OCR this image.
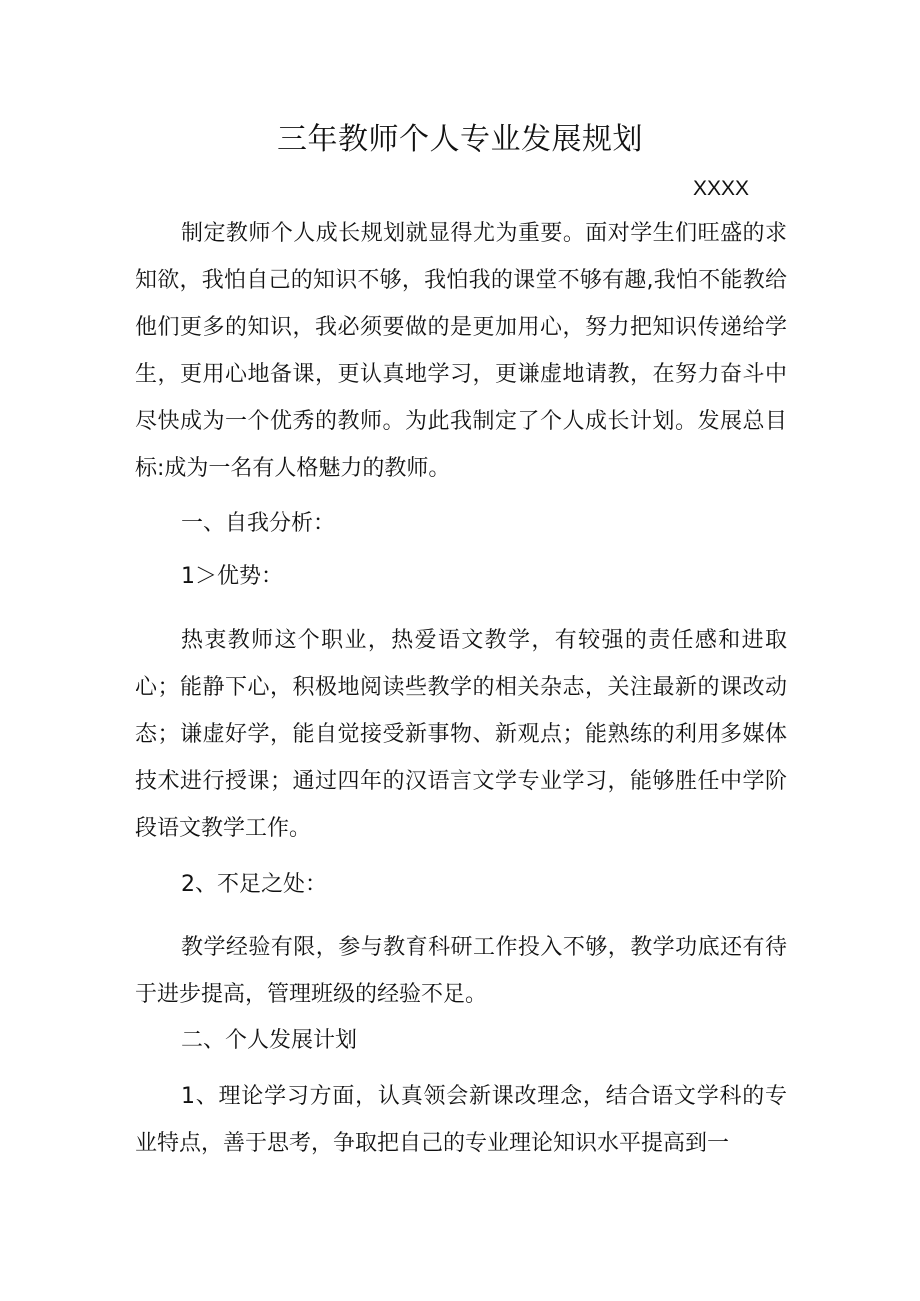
三年教师个人专业发展规划

XXXX

制定教师个人成长规划就显得尤为重要。面对学生们旺盛的求知欲，我怕自己的知识不够，我怕我的课堂不够有趣,我怕不能教给他们更多的知识，我必须要做的是更加用心，努力把知识传递给学生，更用心地备课，更认真地学习，更谦虚地请教，在努力奋斗中尽快成为一个优秀的教师。为此我制定了个人成长计划。发展总目标:成为一名有人格魅力的教师。

一、自我分析：

1＞优势：

热衷教师这个职业，热爱语文教学，有较强的责任感和进取心；能静下心，积极地阅读些教学的相关杂志，关注最新的课改动态；谦虚好学，能自觉接受新事物、新观点；能熟练的利用多媒体技术进行授课；通过四年的汉语言文学专业学习，能够胜任中学阶段语文教学工作。

2、不足之处：

教学经验有限，参与教育科研工作投入不够，教学功底还有待于进步提高，管理班级的经验不足。

二、个人发展计划

1、理论学习方面，认真领会新课改理念，结合语文学科的专业特点，善于思考，争取把自己的专业理论知识水平提高到一
